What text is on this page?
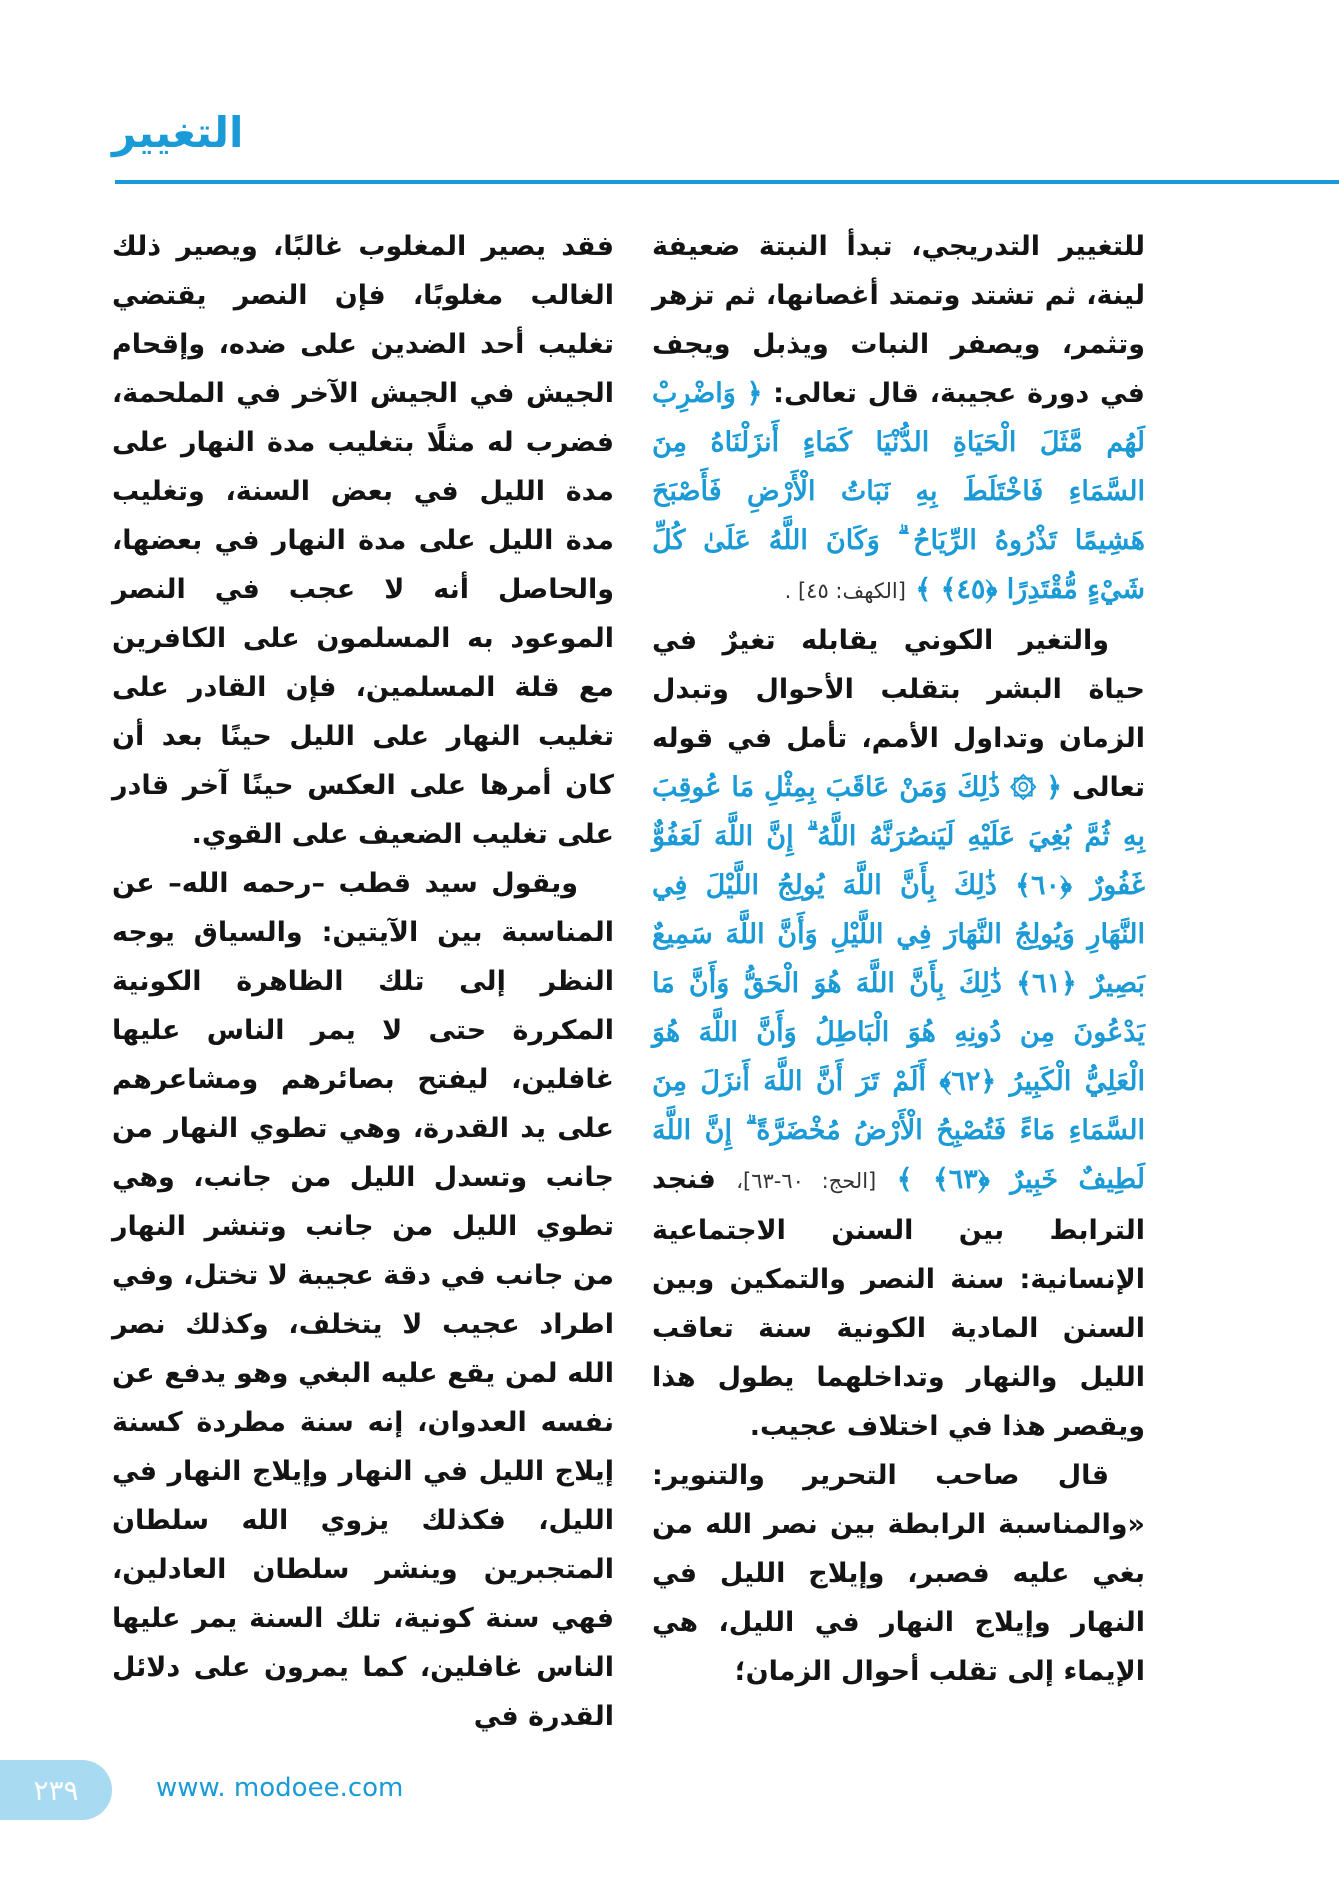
التغيير

للتغيير التدريجي، تبدأ النبتة ضعيفة لينة، ثم تشتد وتمتد أغصانها، ثم تزهر وتثمر، ويصفر النبات ويذبل ويجف في دورة عجيبة، قال تعالى: ﴿ وَاضْرِبْ لَهُم مَّثَلَ الْحَيَاةِ الدُّنْيَا كَمَاءٍ أَنزَلْنَاهُ مِنَ السَّمَاءِ فَاخْتَلَطَ بِهِ نَبَاتُ الْأَرْضِ فَأَصْبَحَ هَشِيمًا تَذْرُوهُ الرِّيَاحُ ۗ وَكَانَ اللَّهُ عَلَىٰ كُلِّ شَيْءٍ مُّقْتَدِرًا ﴿٤٥﴾ ﴾ [الكهف: ٤٥] .

والتغير الكوني يقابله تغيرٌ في حياة البشر بتقلب الأحوال وتبدل الزمان وتداول الأمم، تأمل في قوله تعالى ﴿ ۞ ذَٰلِكَ وَمَنْ عَاقَبَ بِمِثْلِ مَا عُوقِبَ بِهِ ثُمَّ بُغِيَ عَلَيْهِ لَيَنصُرَنَّهُ اللَّهُ ۗ إِنَّ اللَّهَ لَعَفُوٌّ غَفُورٌ ﴿٦٠﴾ ذَٰلِكَ بِأَنَّ اللَّهَ يُولِجُ اللَّيْلَ فِي النَّهَارِ وَيُولِجُ النَّهَارَ فِي اللَّيْلِ وَأَنَّ اللَّهَ سَمِيعٌ بَصِيرٌ ﴿٦١﴾ ذَٰلِكَ بِأَنَّ اللَّهَ هُوَ الْحَقُّ وَأَنَّ مَا يَدْعُونَ مِن دُونِهِ هُوَ الْبَاطِلُ وَأَنَّ اللَّهَ هُوَ الْعَلِيُّ الْكَبِيرُ ﴿٦٢﴾ أَلَمْ تَرَ أَنَّ اللَّهَ أَنزَلَ مِنَ السَّمَاءِ مَاءً فَتُصْبِحُ الْأَرْضُ مُخْضَرَّةً ۗ إِنَّ اللَّهَ لَطِيفٌ خَبِيرٌ ﴿٦٣﴾ ﴾ [الحج: ٦٠-٦٣]، فنجد الترابط بين السنن الاجتماعية الإنسانية: سنة النصر والتمكين وبين السنن المادية الكونية سنة تعاقب الليل والنهار وتداخلهما يطول هذا ويقصر هذا في اختلاف عجيب.

قال صاحب التحرير والتنوير: «والمناسبة الرابطة بين نصر الله من بغي عليه فصبر، وإيلاج الليل في النهار وإيلاج النهار في الليل، هي الإيماء إلى تقلب أحوال الزمان؛

فقد يصير المغلوب غالبًا، ويصير ذلك الغالب مغلوبًا، فإن النصر يقتضي تغليب أحد الضدين على ضده، وإقحام الجيش في الجيش الآخر في الملحمة، فضرب له مثلًا بتغليب مدة النهار على مدة الليل في بعض السنة، وتغليب مدة الليل على مدة النهار في بعضها، والحاصل أنه لا عجب في النصر الموعود به المسلمون على الكافرين مع قلة المسلمين، فإن القادر على تغليب النهار على الليل حينًا بعد أن كان أمرها على العكس حينًا آخر قادر على تغليب الضعيف على القوي.

ويقول سيد قطب –رحمه الله– عن المناسبة بين الآيتين: والسياق يوجه النظر إلى تلك الظاهرة الكونية المكررة حتى لا يمر الناس عليها غافلين، ليفتح بصائرهم ومشاعرهم على يد القدرة، وهي تطوي النهار من جانب وتسدل الليل من جانب، وهي تطوي الليل من جانب وتنشر النهار من جانب في دقة عجيبة لا تختل، وفي اطراد عجيب لا يتخلف، وكذلك نصر الله لمن يقع عليه البغي وهو يدفع عن نفسه العدوان، إنه سنة مطردة كسنة إيلاج الليل في النهار وإيلاج النهار في الليل، فكذلك يزوي الله سلطان المتجبرين وينشر سلطان العادلين، فهي سنة كونية، تلك السنة يمر عليها الناس غافلين، كما يمرون على دلائل القدرة في

٢٣٩	www. modoee.com
